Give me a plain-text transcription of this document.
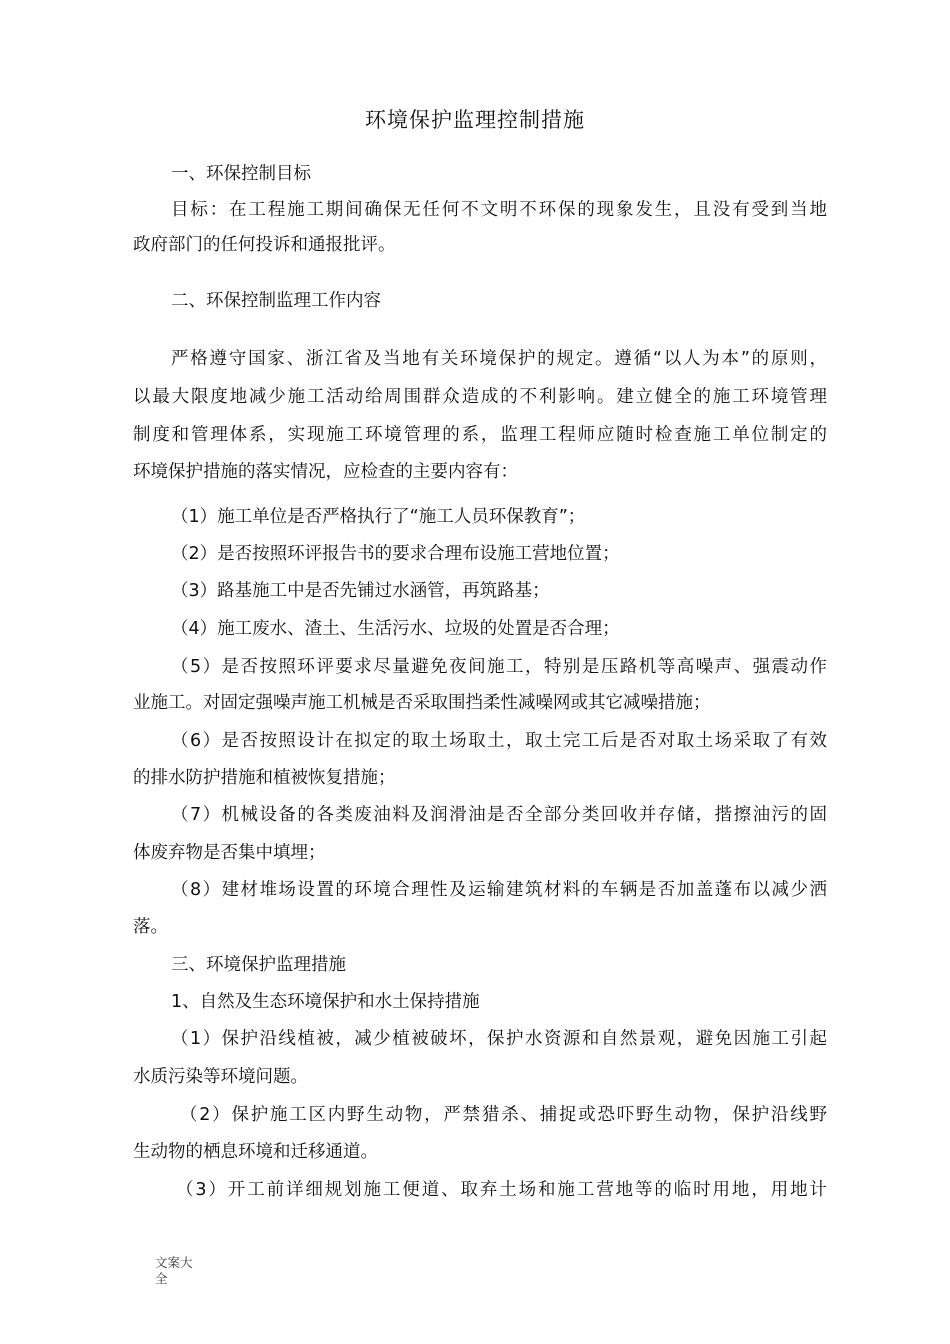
环境保护监理控制措施
一、环保控制目标
目标：在工程施工期间确保无任何不文明不环保的现象发生，且没有受到当地
政府部门的任何投诉和通报批评。
二、环保控制监理工作内容
严格遵守国家、浙江省及当地有关环境保护的规定。遵循“以人为本”的原则，
以最大限度地减少施工活动给周围群众造成的不利影响。建立健全的施工环境管理
制度和管理体系，实现施工环境管理的系，监理工程师应随时检查施工单位制定的
环境保护措施的落实情况，应检查的主要内容有：
（1）施工单位是否严格执行了“施工人员环保教育”；
（2）是否按照环评报告书的要求合理布设施工营地位置；
（3）路基施工中是否先铺过水涵管，再筑路基；
（4）施工废水、渣土、生活污水、垃圾的处置是否合理；
（5）是否按照环评要求尽量避免夜间施工，特别是压路机等高噪声、强震动作
业施工。对固定强噪声施工机械是否采取围挡柔性减噪网或其它减噪措施；
（6）是否按照设计在拟定的取土场取土，取土完工后是否对取土场采取了有效
的排水防护措施和植被恢复措施；
（7）机械设备的各类废油料及润滑油是否全部分类回收并存储，揩擦油污的固
体废弃物是否集中填埋；
（8）建材堆场设置的环境合理性及运输建筑材料的车辆是否加盖蓬布以减少洒
落。
三、环境保护监理措施
1、自然及生态环境保护和水土保持措施
（1）保护沿线植被，减少植被破坏，保护水资源和自然景观，避免因施工引起
水质污染等环境问题。
（2）保护施工区内野生动物，严禁猎杀、捕捉或恐吓野生动物，保护沿线野
生动物的栖息环境和迁移通道。
（3）开工前详细规划施工便道、取弃土场和施工营地等的临时用地，用地计
文案大全
